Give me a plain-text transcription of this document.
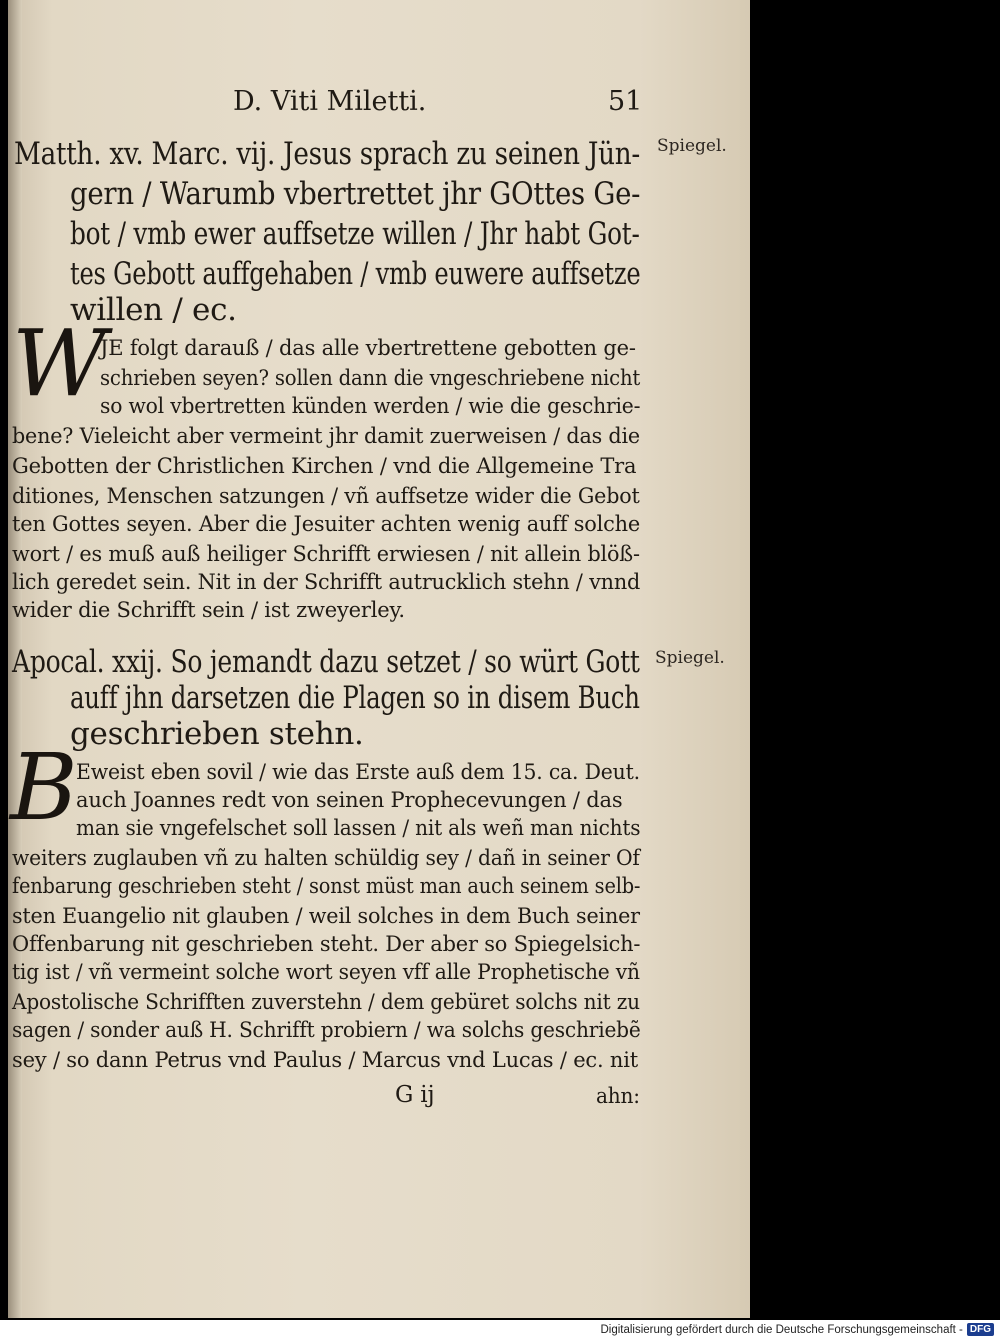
D. Viti Miletti.	51
Spiegel.
Spiegel.
W
B
Matth. xv. Marc. vij. Jesus sprach zu seinen Jün-
gern / Warumb vbertrettet jhr GOttes Ge-
bot / vmb ewer auffsetze willen / Jhr habt Got-
tes Gebott auffgehaben / vmb euwere auffsetze
willen / ec.
JE folgt darauß / das alle vbertrettene gebotten ge-
schrieben seyen? sollen dann die vngeschriebene nicht
so wol vbertretten künden werden / wie die geschrie-
bene? Vieleicht aber vermeint jhr damit zuerweisen / das die
Gebotten der Christlichen Kirchen / vnd die Allgemeine Tra
ditiones, Menschen satzungen / vñ auffsetze wider die Gebot
ten Gottes seyen. Aber die Jesuiter achten wenig auff solche
wort / es muß auß heiliger Schrifft erwiesen / nit allein blöß-
lich geredet sein. Nit in der Schrifft autrucklich stehn / vnnd
wider die Schrifft sein / ist zweyerley.
Apocal. xxij. So jemandt dazu setzet / so würt Gott
auff jhn darsetzen die Plagen so in disem Buch
geschrieben stehn.
Eweist eben sovil / wie das Erste auß dem 15. ca. Deut.
auch Joannes redt von seinen Prophecevungen / das
man sie vngefelschet soll lassen / nit als weñ man nichts
weiters zuglauben vñ zu halten schüldig sey / dañ in seiner Of
fenbarung geschrieben steht / sonst müst man auch seinem selb-
sten Euangelio nit glauben / weil solches in dem Buch seiner
Offenbarung nit geschrieben steht. Der aber so Spiegelsich-
tig ist / vñ vermeint solche wort seyen vff alle Prophetische vñ
Apostolische Schrifften zuverstehn / dem gebüret solchs nit zu
sagen / sonder auß H. Schrifft probiern / wa solchs geschriebẽ
sey / so dann Petrus vnd Paulus / Marcus vnd Lucas / ec. nit
G ij	ahn:
Digitalisierung gefördert durch die Deutsche Forschungsgemeinschaft - DFG
